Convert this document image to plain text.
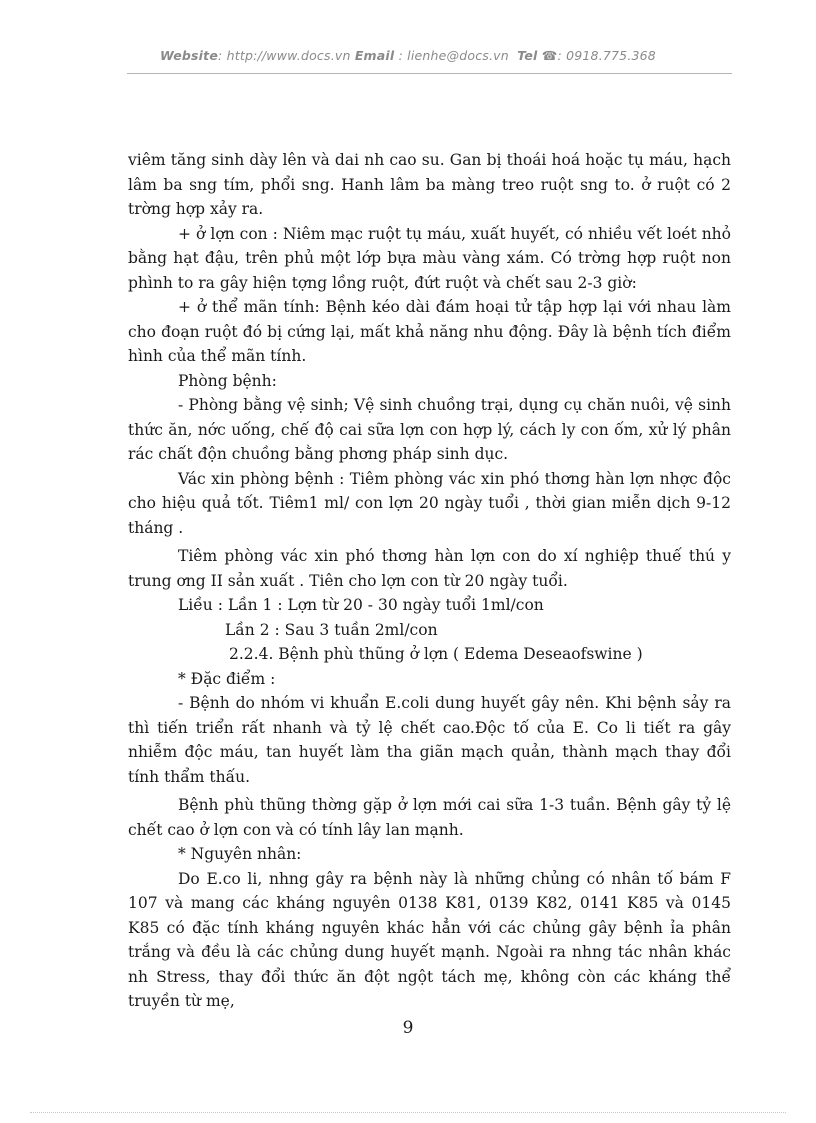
Website: http://www.docs.vn Email : lienhe@docs.vn Tel ☎: 0918.775.368

viêm tăng sinh dày lên và dai nh cao su. Gan bị thoái hoá hoặc tụ máu, hạch lâm ba sng tím, phổi sng. Hanh lâm ba màng treo ruột sng to. ở ruột có 2 trờng hợp xảy ra.

+ ở lợn con : Niêm mạc ruột tụ máu, xuất huyết, có nhiều vết loét nhỏ bằng hạt đậu, trên phủ một lớp bựa màu vàng xám. Có trờng hợp ruột non phình to ra gây hiện tợng lồng ruột, đứt ruột và chết sau 2-3 giờ:

+ ở thể mãn tính: Bệnh kéo dài đám hoại tử tập hợp lại với nhau làm cho đoạn ruột đó bị cứng lại, mất khả năng nhu động. Đây là bệnh tích điểm hình của thể mãn tính.

Phòng bệnh:

- Phòng bằng vệ sinh; Vệ sinh chuồng trại, dụng cụ chăn nuôi, vệ sinh thức ăn, nớc uống, chế độ cai sữa lợn con hợp lý, cách ly con ốm, xử lý phân rác chất độn chuồng bằng phơng pháp sinh dục.

Vác xin phòng bệnh : Tiêm phòng vác xin phó thơng hàn lợn nhợc độc cho hiệu quả tốt. Tiêm1 ml/ con lợn 20 ngày tuổi , thời gian miễn dịch 9-12 tháng .

Tiêm phòng vác xin phó thơng hàn lợn con do xí nghiệp thuế thú y trung ơng II sản xuất . Tiên cho lợn con từ 20 ngày tuổi.

Liều : Lần 1 : Lợn từ 20 - 30 ngày tuổi 1ml/con

Lần 2 : Sau 3 tuần 2ml/con

2.2.4. Bệnh phù thũng ở lợn ( Edema Deseaofswine )

* Đặc điểm :

- Bệnh do nhóm vi khuẩn E.coli dung huyết gây nên. Khi bệnh sảy ra thì tiến triển rất nhanh và tỷ lệ chết cao.Độc tố của E. Co li tiết ra gây nhiễm độc máu, tan huyết làm tha giãn mạch quản, thành mạch thay đổi tính thẩm thấu.

Bệnh phù thũng thờng gặp ở lợn mới cai sữa 1-3 tuần. Bệnh gây tỷ lệ chết cao ở lợn con và có tính lây lan mạnh.

* Nguyên nhân:

Do E.co li, nhng gây ra bệnh này là những chủng có nhân tố bám F 107 và mang các kháng nguyên 0138 K81, 0139 K82, 0141 K85 và 0145 K85 có đặc tính kháng nguyên khác hẳn với các chủng gây bệnh ỉa phân trắng và đều là các chủng dung huyết mạnh. Ngoài ra nhng tác nhân khác nh Stress, thay đổi thức ăn đột ngột tách mẹ, không còn các kháng thể truyền từ mẹ,

9
